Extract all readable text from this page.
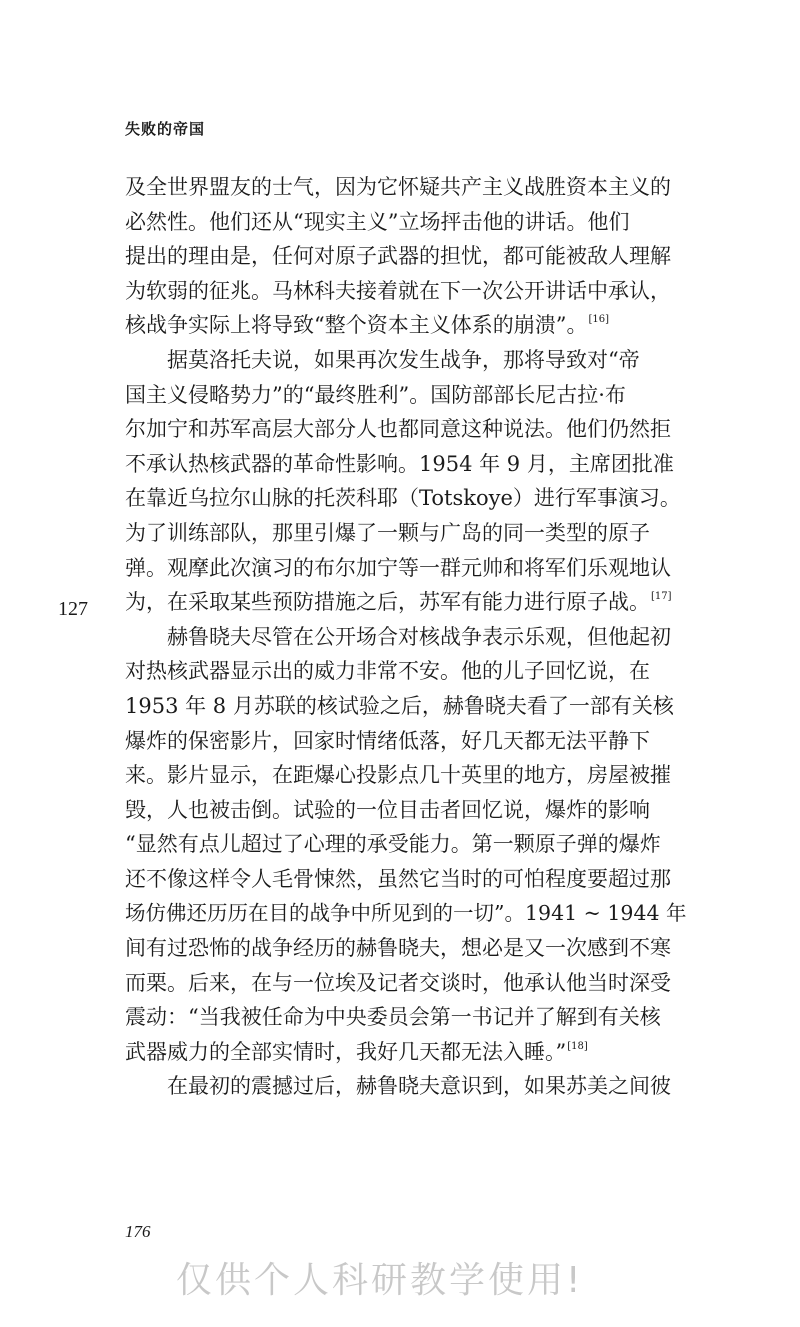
失败的帝国
及全世界盟友的士气，因为它怀疑共产主义战胜资本主义的
必然性。他们还从“现实主义”立场抨击他的讲话。他们
提出的理由是，任何对原子武器的担忧，都可能被敌人理解
为软弱的征兆。马林科夫接着就在下一次公开讲话中承认，
核战争实际上将导致“整个资本主义体系的崩溃”。[16]
据莫洛托夫说，如果再次发生战争，那将导致对“帝
国主义侵略势力”的“最终胜利”。国防部部长尼古拉·布
尔加宁和苏军高层大部分人也都同意这种说法。他们仍然拒
不承认热核武器的革命性影响。1954 年 9 月，主席团批准
在靠近乌拉尔山脉的托茨科耶（Totskoye）进行军事演习。
为了训练部队，那里引爆了一颗与广岛的同一类型的原子
弹。观摩此次演习的布尔加宁等一群元帅和将军们乐观地认
为，在采取某些预防措施之后，苏军有能力进行原子战。[17]
赫鲁晓夫尽管在公开场合对核战争表示乐观，但他起初
对热核武器显示出的威力非常不安。他的儿子回忆说，在
1953 年 8 月苏联的核试验之后，赫鲁晓夫看了一部有关核
爆炸的保密影片，回家时情绪低落，好几天都无法平静下
来。影片显示，在距爆心投影点几十英里的地方，房屋被摧
毁，人也被击倒。试验的一位目击者回忆说，爆炸的影响
“显然有点儿超过了心理的承受能力。第一颗原子弹的爆炸
还不像这样令人毛骨悚然，虽然它当时的可怕程度要超过那
场仿佛还历历在目的战争中所见到的一切”。1941 ~ 1944 年
间有过恐怖的战争经历的赫鲁晓夫，想必是又一次感到不寒
而栗。后来，在与一位埃及记者交谈时，他承认他当时深受
震动：“当我被任命为中央委员会第一书记并了解到有关核
武器威力的全部实情时，我好几天都无法入睡。”[18]
在最初的震撼过后，赫鲁晓夫意识到，如果苏美之间彼
127
176
仅供个人科研教学使用!
